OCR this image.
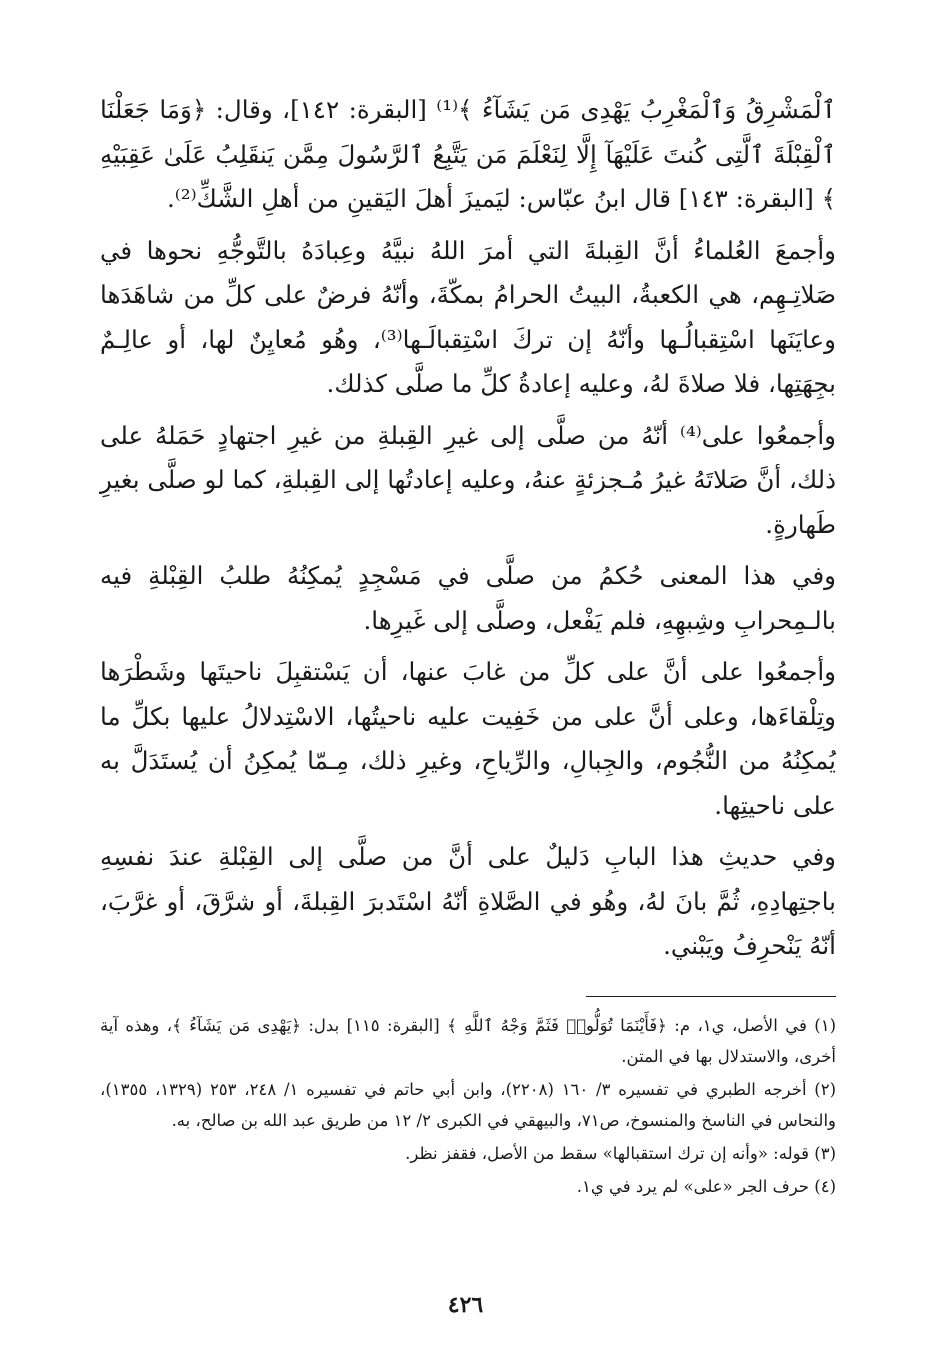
ٱلْمَشْرِقُ وَٱلْمَغْرِبُ يَهْدِى مَن يَشَآءُ ﴾⁽¹⁾ [البقرة: ١٤٢]، وقال: ﴿وَمَا جَعَلْنَا ٱلْقِبْلَةَ ٱلَّتِى كُنتَ عَلَيْهَآ إِلَّا لِنَعْلَمَ مَن يَتَّبِعُ ٱلرَّسُولَ مِمَّن يَنقَلِبُ عَلَىٰ عَقِبَيْهِ ﴾ [البقرة: ١٤٣] قال ابنُ عبّاس: ليَميزَ أهلَ اليَقينِ من أهلِ الشَّكِّ⁽²⁾.

وأجمعَ العُلماءُ أنَّ القِبلةَ التي أمرَ اللهُ نبيَّهُ وعِبادَهُ بالتَّوجُّهِ نحوها في صَلاتِـهِم، هي الكعبةُ، البيتُ الحرامُ بمكّةَ، وأنّهُ فرضٌ على كلِّ من شاهَدَها وعايَنَها اسْتِقبالُـها وأنّهُ إن تركَ اسْتِقبالَـها⁽³⁾، وهُو مُعايِنٌ لها، أو عالِـمٌ بجِهَتِها، فلا صلاةَ لهُ، وعليه إعادةُ كلِّ ما صلَّى كذلك.

وأجمعُوا على⁽⁴⁾ أنّهُ من صلَّى إلى غيرِ القِبلةِ من غيرِ اجتهادٍ حَمَلهُ على ذلك، أنَّ صَلاتَهُ غيرُ مُـجزئةٍ عنهُ، وعليه إعادتُها إلى القِبلةِ، كما لو صلَّى بغيرِ طَهارةٍ.

وفي هذا المعنى حُكمُ من صلَّى في مَسْجِدٍ يُمكِنُهُ طلبُ القِبْلةِ فيه بالـمِحرابِ وشِبهِهِ، فلم يَفْعل، وصلَّى إلى غَيرِها.

وأجمعُوا على أنَّ على كلِّ من غابَ عنها، أن يَسْتقبِلَ ناحيتَها وشَطْرَها وتِلْقاءَها، وعلى أنَّ على من خَفِيت عليه ناحيتُها، الاسْتِدلالُ عليها بكلِّ ما يُمكِنُهُ من النُّجُوم، والجِبالِ، والرِّياحِ، وغيرِ ذلك، مِـمّا يُمكِنُ أن يُستَدَلَّ به على ناحيتِها.

وفي حديثِ هذا البابِ دَليلٌ على أنَّ من صلَّى إلى القِبْلةِ عندَ نفسِهِ باجتِهادِهِ، ثُمَّ بانَ لهُ، وهُو في الصَّلاةِ أنّهُ اسْتَدبرَ القِبلةَ، أو شرَّقَ، أو غرَّبَ، أنّهُ يَنْحرِفُ ويَبْني.

(١) في الأصل، ي١، م: ﴿فَأَيْنَمَا تُوَلُّوا۟ فَثَمَّ وَجْهُ ٱللَّهِ ﴾ [البقرة: ١١٥] بدل: ﴿يَهْدِى مَن يَشَآءُ ﴾، وهذه آية أخرى، والاستدلال بها في المتن.

(٢) أخرجه الطبري في تفسيره ٣/ ١٦٠ (٢٢٠٨)، وابن أبي حاتم في تفسيره ١/ ٢٤٨، ٢٥٣ (١٣٢٩، ١٣٥٥)، والنحاس في الناسخ والمنسوخ، ص٧١، والبيهقي في الكبرى ٢/ ١٢ من طريق عبد الله بن صالح، به.

(٣) قوله: «وأنه إن ترك استقبالها» سقط من الأصل، فقفز نظر.

(٤) حرف الجر «على» لم يرد في ي١.

٤٢٦
